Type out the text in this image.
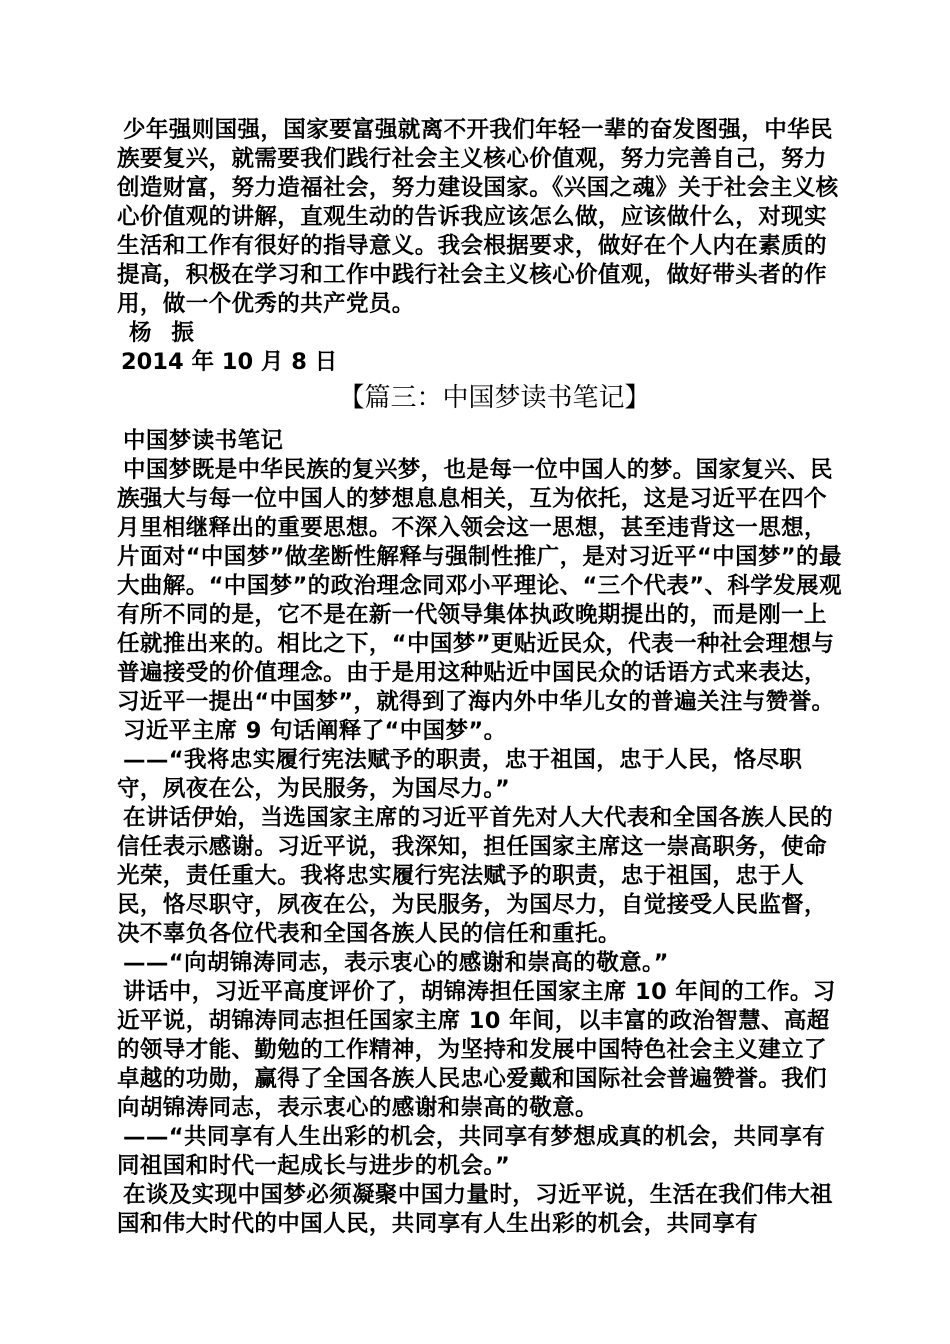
少年强则国强，国家要富强就离不开我们年轻一辈的奋发图强，中华民族要复兴，就需要我们践行社会主义核心价值观，努力完善自己，努力创造财富，努力造福社会，努力建设国家。《兴国之魂》关于社会主义核心价值观的讲解，直观生动的告诉我应该怎么做，应该做什么，对现实生活和工作有很好的指导意义。我会根据要求，做好在个人内在素质的提高，积极在学习和工作中践行社会主义核心价值观，做好带头者的作用，做一个优秀的共产党员。

杨 振
2014 年 10 月 8 日
【篇三：中国梦读书笔记】

中国梦读书笔记

中国梦既是中华民族的复兴梦，也是每一位中国人的梦。国家复兴、民族强大与每一位中国人的梦想息息相关，互为依托，这是习近平在四个月里相继释出的重要思想。不深入领会这一思想，甚至违背这一思想，片面对“中国梦”做垄断性解释与强制性推广，是对习近平“中国梦”的最大曲解。“中国梦”的政治理念同邓小平理论、“三个代表”、科学发展观有所不同的是，它不是在新一代领导集体执政晚期提出的，而是刚一上任就推出来的。相比之下，“中国梦”更贴近民众，代表一种社会理想与普遍接受的价值理念。由于是用这种贴近中国民众的话语方式来表达，习近平一提出“中国梦”，就得到了海内外中华儿女的普遍关注与赞誉。

习近平主席 9 句话阐释了“中国梦”。

——“我将忠实履行宪法赋予的职责，忠于祖国，忠于人民，恪尽职守，夙夜在公，为民服务，为国尽力。”

在讲话伊始，当选国家主席的习近平首先对人大代表和全国各族人民的信任表示感谢。习近平说，我深知，担任国家主席这一崇高职务，使命光荣，责任重大。我将忠实履行宪法赋予的职责，忠于祖国，忠于人民，恪尽职守，夙夜在公，为民服务，为国尽力，自觉接受人民监督，决不辜负各位代表和全国各族人民的信任和重托。

——“向胡锦涛同志，表示衷心的感谢和崇高的敬意。”

讲话中，习近平高度评价了，胡锦涛担任国家主席 10 年间的工作。习近平说，胡锦涛同志担任国家主席 10 年间，以丰富的政治智慧、高超的领导才能、勤勉的工作精神，为坚持和发展中国特色社会主义建立了卓越的功勋，赢得了全国各族人民忠心爱戴和国际社会普遍赞誉。我们向胡锦涛同志，表示衷心的感谢和崇高的敬意。

——“共同享有人生出彩的机会，共同享有梦想成真的机会，共同享有同祖国和时代一起成长与进步的机会。”

在谈及实现中国梦必须凝聚中国力量时，习近平说，生活在我们伟大祖国和伟大时代的中国人民，共同享有人生出彩的机会，共同享有
